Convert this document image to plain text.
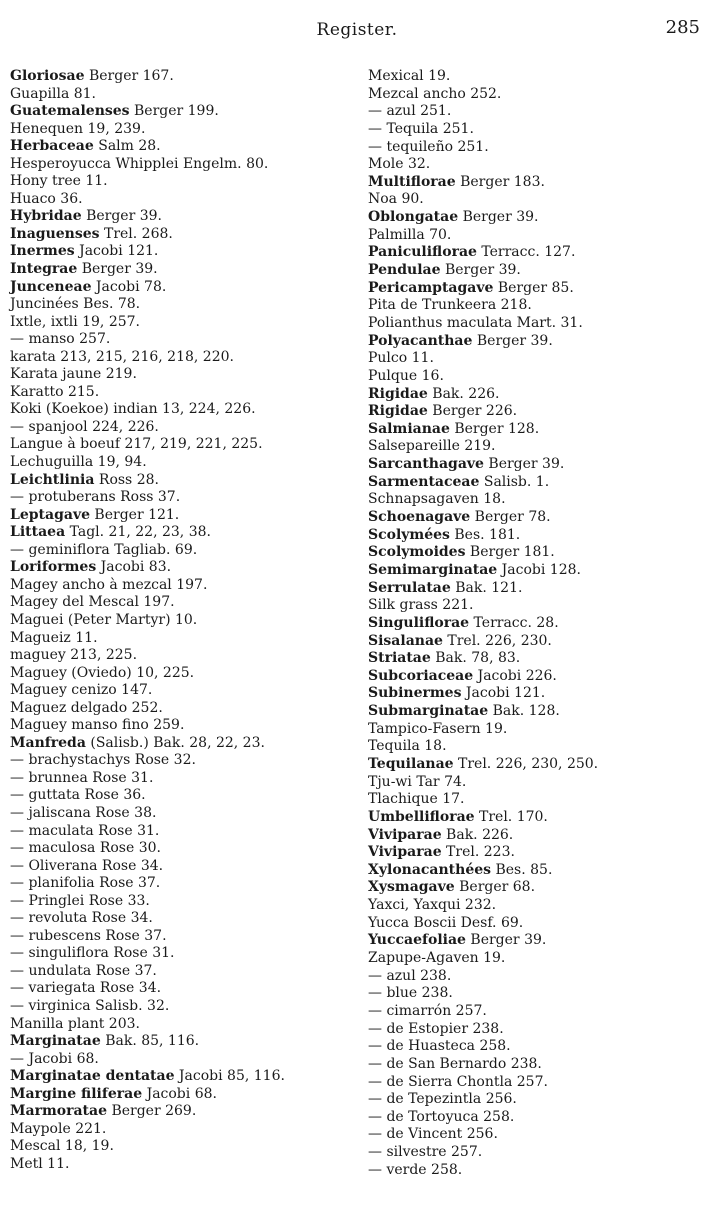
Register.	285
Gloriosae Berger 167.
Guapilla 81.
Guatemalenses Berger 199.
Henequen 19, 239.
Herbaceae Salm 28.
Hesperoyucca Whipplei Engelm. 80.
Hony tree 11.
Huaco 36.
Hybridae Berger 39.
Inaguenses Trel. 268.
Inermes Jacobi 121.
Integrae Berger 39.
Junceneae Jacobi 78.
Juncinées Bes. 78.
Ixtle, ixtli 19, 257.
— manso 257.
karata 213, 215, 216, 218, 220.
Karata jaune 219.
Karatto 215.
Koki (Koekoe) indian 13, 224, 226.
— spanjool 224, 226.
Langue à boeuf 217, 219, 221, 225.
Lechuguilla 19, 94.
Leichtlinia Ross 28.
— protuberans Ross 37.
Leptagave Berger 121.
Littaea Tagl. 21, 22, 23, 38.
— geminiflora Tagliab. 69.
Loriformes Jacobi 83.
Magey ancho à mezcal 197.
Magey del Mescal 197.
Maguei (Peter Martyr) 10.
Magueiz 11.
maguey 213, 225.
Maguey (Oviedo) 10, 225.
Maguey cenizo 147.
Maguez delgado 252.
Maguey manso fino 259.
Manfreda (Salisb.) Bak. 28, 22, 23.
— brachystachys Rose 32.
— brunnea Rose 31.
— guttata Rose 36.
— jaliscana Rose 38.
— maculata Rose 31.
— maculosa Rose 30.
— Oliverana Rose 34.
— planifolia Rose 37.
— Pringlei Rose 33.
— revoluta Rose 34.
— rubescens Rose 37.
— singuliflora Rose 31.
— undulata Rose 37.
— variegata Rose 34.
— virginica Salisb. 32.
Manilla plant 203.
Marginatae Bak. 85, 116.
— Jacobi 68.
Marginatae dentatae Jacobi 85, 116.
Margine filiferae Jacobi 68.
Marmoratae Berger 269.
Maypole 221.
Mescal 18, 19.
Metl 11.
Mexical 19.
Mezcal ancho 252.
— azul 251.
— Tequila 251.
— tequileño 251.
Mole 32.
Multiflorae Berger 183.
Noa 90.
Oblongatae Berger 39.
Palmilla 70.
Paniculiflorae Terracc. 127.
Pendulae Berger 39.
Pericamptagave Berger 85.
Pita de Trunkeera 218.
Polianthus maculata Mart. 31.
Polyacanthae Berger 39.
Pulco 11.
Pulque 16.
Rigidae Bak. 226.
Rigidae Berger 226.
Salmianae Berger 128.
Salsepareille 219.
Sarcanthagave Berger 39.
Sarmentaceae Salisb. 1.
Schnapsagaven 18.
Schoenagave Berger 78.
Scolymées Bes. 181.
Scolymoides Berger 181.
Semimarginatae Jacobi 128.
Serrulatae Bak. 121.
Silk grass 221.
Singuliflorae Terracc. 28.
Sisalanae Trel. 226, 230.
Striatae Bak. 78, 83.
Subcoriaceae Jacobi 226.
Subinermes Jacobi 121.
Submarginatae Bak. 128.
Tampico-Fasern 19.
Tequila 18.
Tequilanae Trel. 226, 230, 250.
Tju-wi Tar 74.
Tlachique 17.
Umbelliflorae Trel. 170.
Viviparae Bak. 226.
Viviparae Trel. 223.
Xylonacanthées Bes. 85.
Xysmagave Berger 68.
Yaxci, Yaxqui 232.
Yucca Boscii Desf. 69.
Yuccaefoliae Berger 39.
Zapupe-Agaven 19.
— azul 238.
— blue 238.
— cimarrón 257.
— de Estopier 238.
— de Huasteca 258.
— de San Bernardo 238.
— de Sierra Chontla 257.
— de Tepezintla 256.
— de Tortoyuca 258.
— de Vincent 256.
— silvestre 257.
— verde 258.
